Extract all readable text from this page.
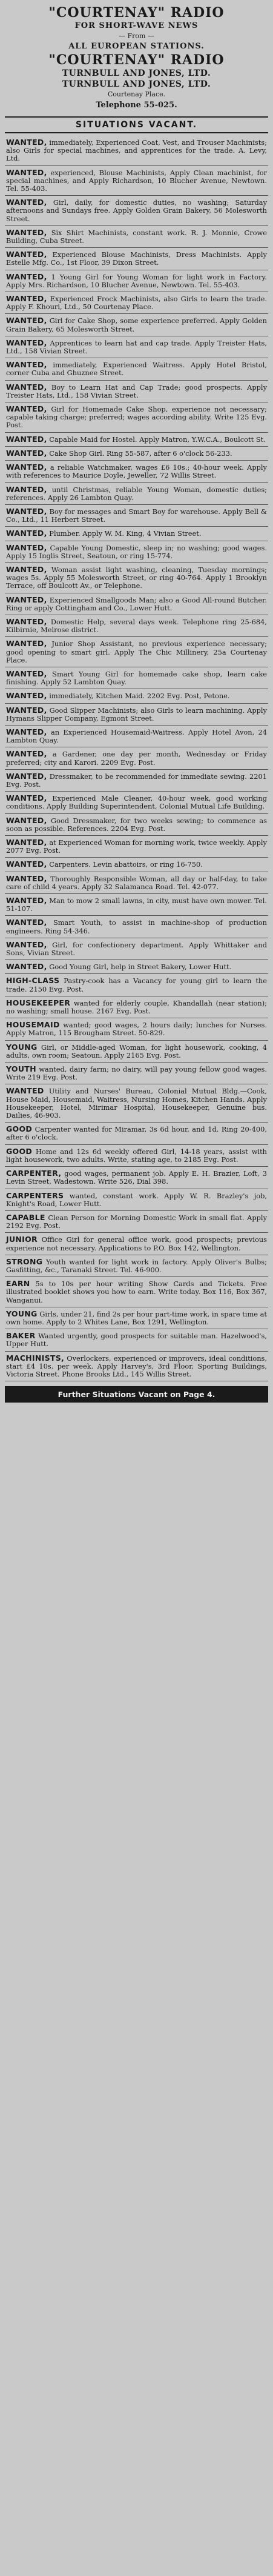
"COURTENAY" RADIO
FOR SHORT-WAVE NEWS
— From —
ALL EUROPEAN STATIONS.
"COURTENAY" RADIO
TURNBULL AND JONES, LTD.
TURNBULL AND JONES, LTD.
Courtenay Place.
Telephone 55-025.
SITUATIONS VACANT.
WANTED, immediately, Experienced Coat, Vest, and Trouser Machinists; also Girls for special machines, and apprentices for the trade. A. Levy, Ltd.
WANTED, experienced, Blouse Machinists, Apply Clean machinist, for special machines, and Apply Richardson, 10 Blucher Avenue, Newtown. Tel. 55-403.
WANTED, Girl, daily, for domestic duties, no washing; Saturday afternoons and Sundays free. Apply Golden Grain Bakery, 56 Molesworth Street.
WANTED, Six Shirt Machinists, constant work. R. J. Monnie, Crowe Building, Cuba Street.
WANTED, Experienced Blouse Machinists, Dress Machinists. Apply Estelle Mfg. Co., 1st Floor, 39 Dixon Street.
WANTED, 1 Young Girl for Young Woman for light work in Factory. Apply Mrs. Richardson, 10 Blucher Avenue, Newtown. Tel. 55-403.
WANTED, Experienced Frock Machinists, also Girls to learn the trade. Apply F. Khouri, Ltd., 50 Courtenay Place.
WANTED, Girl for Cake Shop, some experience preferred. Apply Golden Grain Bakery, 65 Molesworth Street.
WANTED, Apprentices to learn hat and cap trade. Apply Treister Hats, Ltd., 158 Vivian Street.
WANTED, immediately, Experienced Waitress. Apply Hotel Bristol, corner Cuba and Ghuznee Street.
WANTED, Boy to Learn Hat and Cap Trade; good prospects. Apply Treister Hats, Ltd., 158 Vivian Street.
WANTED, Girl for Homemade Cake Shop, experience not necessary; capable taking charge; preferred; wages according ability. Write 125 Evg. Post.
WANTED, Capable Maid for Hostel. Apply Matron, Y.W.C.A., Boulcott St.
WANTED, Cake Shop Girl. Ring 55-587, after 6 o'clock 56-233.
WANTED, a reliable Watchmaker, wages £6 10s.; 40-hour week. Apply with references to Maurice Doyle, Jeweller, 72 Willis Street.
WANTED, until Christmas, reliable Young Woman, domestic duties; references. Apply 26 Lambton Quay.
WANTED, Boy for messages and Smart Boy for warehouse. Apply Bell & Co., Ltd., 11 Herbert Street.
WANTED, Plumber. Apply W. M. King, 4 Vivian Street.
WANTED, Capable Young Domestic, sleep in; no washing; good wages. Apply 15 Inglis Street, Seatoun, or ring 15-774.
WANTED, Woman assist light washing, cleaning, Tuesday mornings; wages 5s. Apply 55 Molesworth Street, or ring 40-764. Apply 1 Brooklyn Terrace, off Boulcott Av., or Telephone.
WANTED, Experienced Smallgoods Man; also a Good All-round Butcher. Ring or apply Cottingham and Co., Lower Hutt.
WANTED, Domestic Help, several days week. Telephone ring 25-684, Kilbirnie, Melrose district.
WANTED, Junior Shop Assistant, no previous experience necessary; good opening to smart girl. Apply The Chic Millinery, 25a Courtenay Place.
WANTED, Smart Young Girl for homemade cake shop, learn cake finishing. Apply 52 Lambton Quay.
WANTED, immediately, Kitchen Maid. 2202 Evg. Post, Petone.
WANTED, Good Slipper Machinists; also Girls to learn machining. Apply Hymans Slipper Company, Egmont Street.
WANTED, an Experienced Housemaid-Waitress. Apply Hotel Avon, 24 Lambton Quay.
WANTED, a Gardener, one day per month, Wednesday or Friday preferred; city and Karori. 2209 Evg. Post.
WANTED, Dressmaker, to be recommended for immediate sewing. 2201 Evg. Post.
WANTED, Experienced Male Cleaner, 40-hour week, good working conditions. Apply Building Superintendent, Colonial Mutual Life Building.
WANTED, Good Dressmaker, for two weeks sewing; to commence as soon as possible. References. 2204 Evg. Post.
WANTED, at Experienced Woman for morning work, twice weekly. Apply 2077 Evg. Post.
WANTED, Carpenters. Levin abattoirs, or ring 16-750.
WANTED, Thoroughly Responsible Woman, all day or half-day, to take care of child 4 years. Apply 32 Salamanca Road. Tel. 42-077.
WANTED, Man to mow 2 small lawns, in city, must have own mower. Tel. 51-107.
WANTED, Smart Youth, to assist in machine-shop of production engineers. Ring 54-346.
WANTED, Girl, for confectionery department. Apply Whittaker and Sons, Vivian Street.
WANTED, Good Young Girl, help in Street Bakery, Lower Hutt.
HIGH-CLASS Pastry-cook has a Vacancy for young girl to learn the trade. 2150 Evg. Post.
HOUSEKEEPER wanted for elderly couple, Khandallah (near station); no washing; small house. 2167 Evg. Post.
HOUSEMAID wanted; good wages, 2 hours daily; lunches for Nurses. Apply Matron, 115 Brougham Street. 50-829.
YOUNG Girl, or Middle-aged Woman, for light housework, cooking, 4 adults, own room; Seatoun. Apply 2165 Evg. Post.
YOUTH wanted, dairy farm; no dairy, will pay young fellow good wages. Write 219 Evg. Post.
WANTED Utility and Nurses' Bureau, Colonial Mutual Bldg.—Cook, House Maid, Housemaid, Waitress, Nursing Homes, Kitchen Hands. Apply Housekeeper, Hotel, Mirimar Hospital, Housekeeper, Genuine bus. Dailies, 46-903.
GOOD Carpenter wanted for Miramar, 3s 6d hour, and 1d. Ring 20-400, after 6 o'clock.
GOOD Home and 12s 6d weekly offered Girl, 14-18 years, assist with light housework, two adults. Write, stating age, to 2185 Evg. Post.
CARPENTER, good wages, permanent job. Apply E. H. Brazier, Loft, 3 Levin Street, Wadestown. Write 526, Dial 398.
CARPENTERS wanted, constant work. Apply W. R. Brazley's job, Knight's Road, Lower Hutt.
CAPABLE Clean Person for Morning Domestic Work in small flat. Apply 2192 Evg. Post.
JUNIOR Office Girl for general office work, good prospects; previous experience not necessary. Applications to P.O. Box 142, Wellington.
STRONG Youth wanted for light work in factory. Apply Oliver's Bulbs; Gasfitting, &c., Taranaki Street. Tel. 46-900.
EARN 5s to 10s per hour writing Show Cards and Tickets. Free illustrated booklet shows you how to earn. Write today. Box 116, Box 367, Wanganui.
YOUNG Girls, under 21, find 2s per hour part-time work, in spare time at own home. Apply to 2 Whites Lane, Box 1291, Wellington.
BAKER Wanted urgently, good prospects for suitable man. Hazelwood's, Upper Hutt.
MACHINISTS, Overlockers, experienced or improvers, ideal conditions, start £4 10s. per week. Apply Harvey's, 3rd Floor, Sporting Buildings, Victoria Street. Phone Brooks Ltd., 145 Willis Street.
Further Situations Vacant on Page 4.
